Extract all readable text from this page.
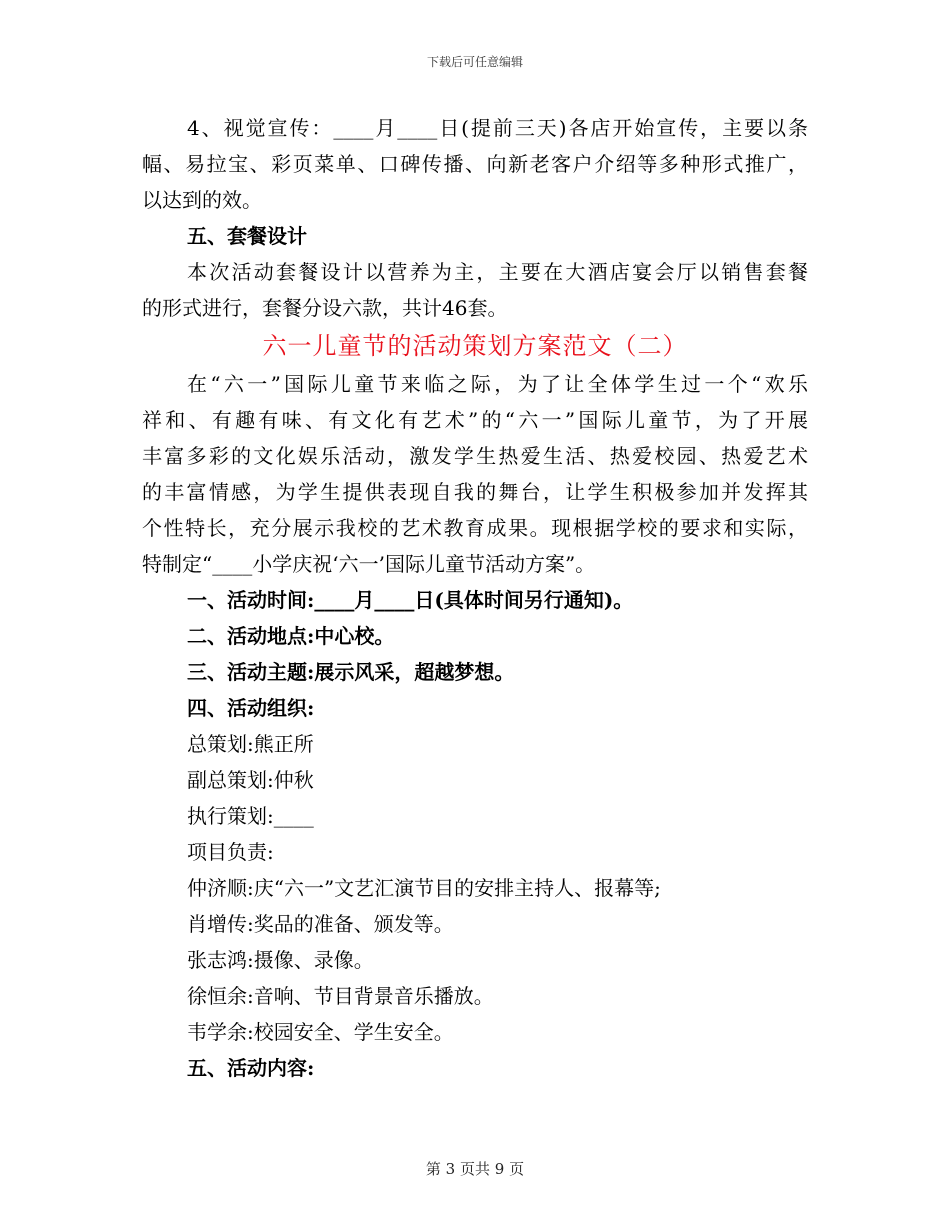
下载后可任意编辑
4、视觉宣传：____月____日(提前三天)各店开始宣传，主要以条
幅、易拉宝、彩页菜单、口碑传播、向新老客户介绍等多种形式推广，
以达到的效。
五、套餐设计
本次活动套餐设计以营养为主，主要在大酒店宴会厅以销售套餐
的形式进行，套餐分设六款，共计46套。
六一儿童节的活动策划方案范文（二）
在“六一”国际儿童节来临之际，为了让全体学生过一个“欢乐
祥和、有趣有味、有文化有艺术”的“六一”国际儿童节，为了开展
丰富多彩的文化娱乐活动，激发学生热爱生活、热爱校园、热爱艺术
的丰富情感，为学生提供表现自我的舞台，让学生积极参加并发挥其
个性特长，充分展示我校的艺术教育成果。现根据学校的要求和实际，
特制定“____小学庆祝‘六一’国际儿童节活动方案”。
一、活动时间:____月____日(具体时间另行通知)。
二、活动地点:中心校。
三、活动主题:展示风采，超越梦想。
四、活动组织:
总策划:熊正所
副总策划:仲秋
执行策划:____
项目负责:
仲济顺:庆“六一”文艺汇演节目的安排主持人、报幕等;
肖增传:奖品的准备、颁发等。
张志鸿:摄像、录像。
徐恒余:音响、节目背景音乐播放。
韦学余:校园安全、学生安全。
五、活动内容:
第 3 页共 9 页
